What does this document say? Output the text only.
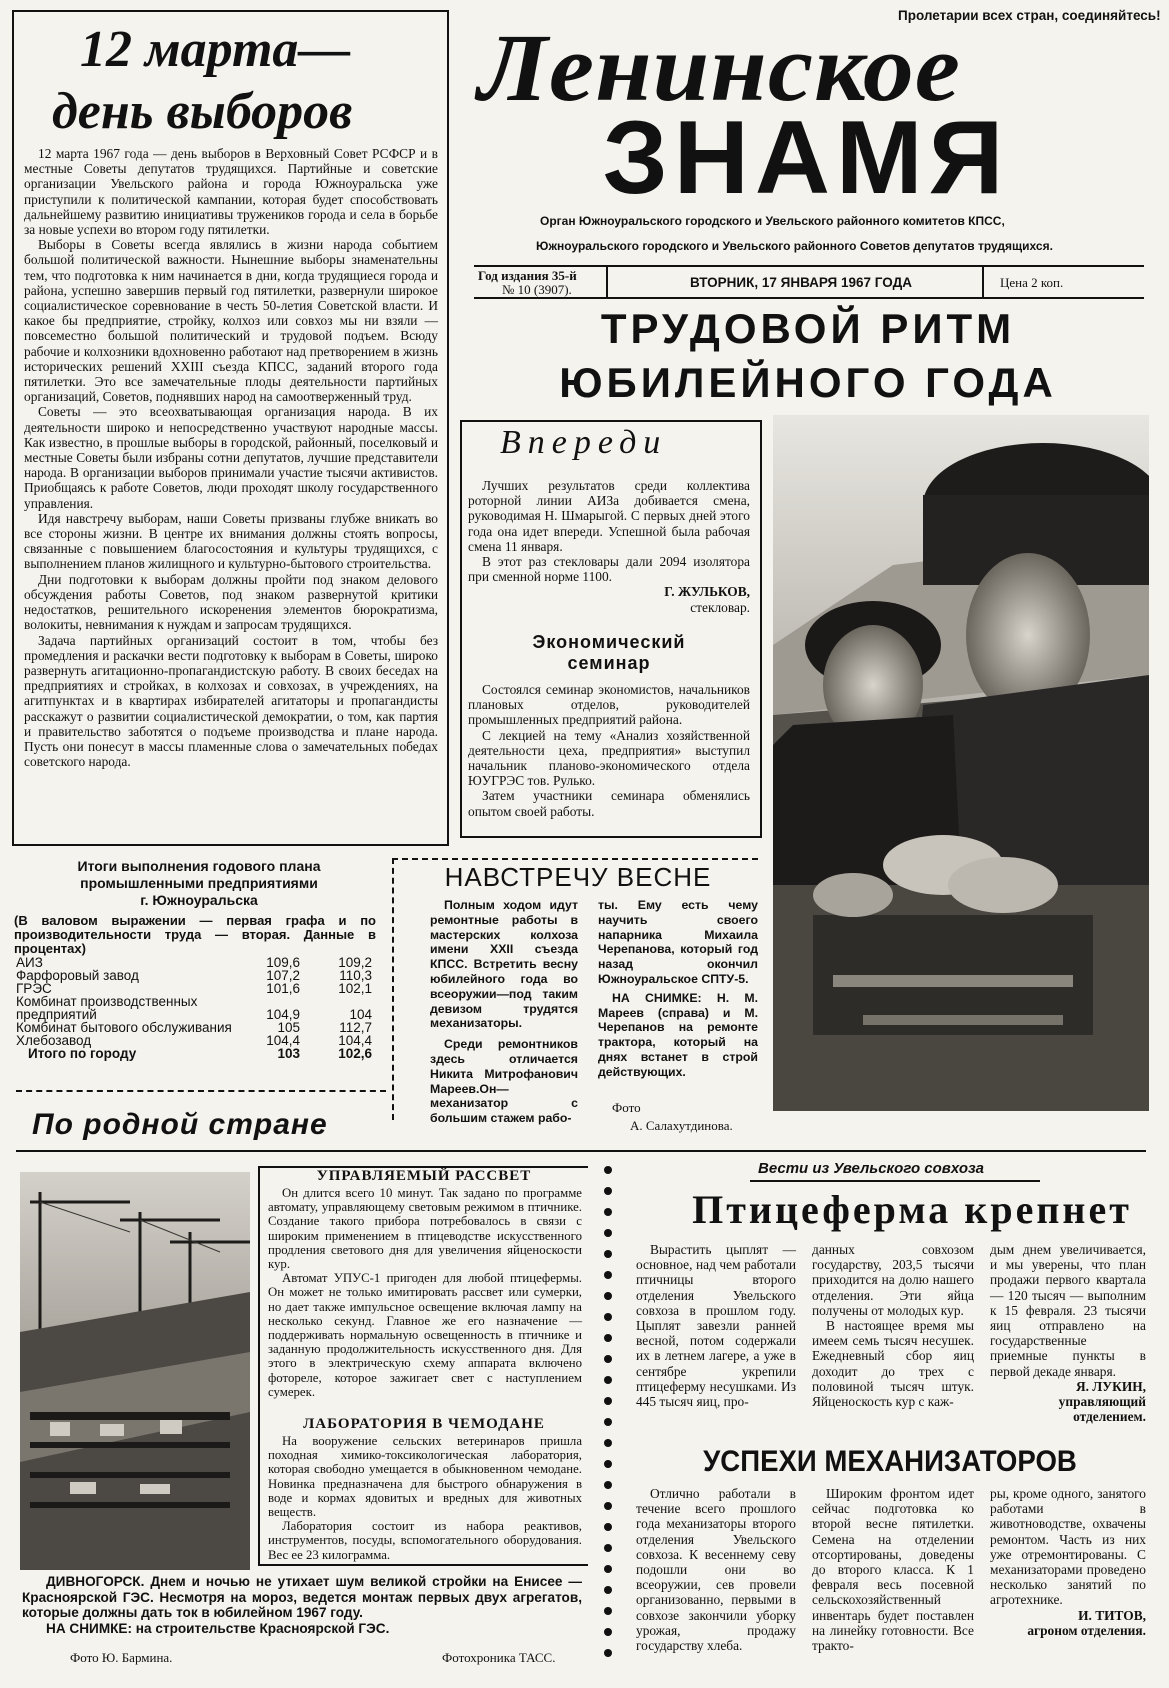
Пролетарии всех стран, соединяйтесь!
Ленинское
ЗНАМЯ
Орган Южноуральского городского и Увельского районного комитетов КПСС,
Южноуральского городского и Увельского районного Советов депутатов трудящихся.
Год издания 35-й
№ 10 (3907).	ВТОРНИК, 17 ЯНВАРЯ 1967 ГОДА	Цена 2 коп.
12 марта—
день выборов

12 марта 1967 года — день выборов в Верховный Совет РСФСР и в местные Советы депутатов трудящихся. Партийные и советские организации Увельского района и города Южноуральска уже приступили к политической кампании, которая будет способствовать дальнейшему развитию инициативы тружеников города и села в борьбе за новые успехи во втором году пятилетки.

Выборы в Советы всегда являлись в жизни народа событием большой политической важности. Нынешние выборы знаменательны тем, что подготовка к ним начинается в дни, когда трудящиеся города и района, успешно завершив первый год пятилетки, развернули широкое социалистическое соревнование в честь 50-летия Советской власти. И какое бы предприятие, стройку, колхоз или совхоз мы ни взяли — повсеместно большой политический и трудовой подъем. Всюду рабочие и колхозники вдохновенно работают над претворением в жизнь исторических решений XXIII съезда КПСС, заданий второго года пятилетки. Это все замечательные плоды деятельности партийных организаций, Советов, поднявших народ на самоотверженный труд.

Советы — это всеохватывающая организация народа. В их деятельности широко и непосредственно участвуют народные массы. Как известно, в прошлые выборы в городской, районный, поселковый и местные Советы были избраны сотни депутатов, лучшие представители народа. В организации выборов принимали участие тысячи активистов. Приобщаясь к работе Советов, люди проходят школу государственного управления.

Идя навстречу выборам, наши Советы призваны глубже вникать во все стороны жизни. В центре их внимания должны стоять вопросы, связанные с повышением благосостояния и культуры трудящихся, с выполнением планов жилищного и культурно-бытового строительства.

Дни подготовки к выборам должны пройти под знаком делового обсуждения работы Советов, под знаком развернутой критики недостатков, решительного искоренения элементов бюрократизма, волокиты, невнимания к нуждам и запросам трудящихся.

Задача партийных организаций состоит в том, чтобы без промедления и раскачки вести подготовку к выборам в Советы, широко развернуть агитационно-пропагандистскую работу. В своих беседах на предприятиях и стройках, в колхозах и совхозах, в учреждениях, на агитпунктах и в квартирах избирателей агитаторы и пропагандисты расскажут о развитии социалистической демократии, о том, как партия и правительство заботятся о подъеме производства и плане народа. Пусть они понесут в массы пламенные слова о замечательных победах советского народа.

ТРУДОВОЙ РИТМ
ЮБИЛЕЙНОГО ГОДА
Впереди

Лучших результатов среди коллектива роторной линии АИЗа добивается смена, руководимая Н. Шмарыгой. С первых дней этого года она идет впереди. Успешной была рабочая смена 11 января.

В этот раз стекловары дали 2094 изолятора при сменной норме 1100.

Г. ЖУЛЬКОВ,
стекловар.
Экономический
семинар

Состоялся семинар экономистов, начальников плановых отделов, руководителей промышленных предприятий района.

С лекцией на тему «Анализ хозяйственной деятельности цеха, предприятия» выступил начальник планово-экономического отдела ЮУГРЭС тов. Рулько.

Затем участники семинара обменялись опытом своей работы.

Итоги выполнения годового плана
промышленными предприятиями
г. Южноуральска
(В валовом выражении — первая графа и по производительности труда — вторая. Данные в процентах)
АИЗ	109,6	109,2
Фарфоровый завод	107,2	110,3
ГРЭС	101,6	102,1
Комбинат производственных предприятий	104,9	104
Комбинат бытового обслуживания	105	112,7
Хлебозавод	104,4	104,4
Итого по городу	103	102,6
НАВСТРЕЧУ ВЕСНЕ

Полным ходом идут ремонтные работы в мастерских колхоза имени XXII съезда КПСС. Встретить весну юбилейного года во всеоружии—под таким девизом трудятся механизаторы.

Среди ремонтников здесь отличается Никита Митрофанович Мареев.Он—механизатор с большим стажем рабо-

ты. Ему есть чему научить своего напарника Михаила Черепанова, который год назад окончил Южноуральское СПТУ-5.

НА СНИМКЕ: Н. М. Мареев (справа) и М. Черепанов на ремонте трактора, который на днях встанет в строй действующих.

Фото
А. Салахутдинова.
По родной стране
ДИВНОГОРСК. Днем и ночью не утихает шум великой стройки на Енисее — Красноярской ГЭС. Несмотря на мороз, ведется монтаж первых двух агрегатов, которые должны дать ток в юбилейном 1967 году.
НА СНИМКЕ: на строительстве Красноярской ГЭС.
Фото Ю. Бармина.	Фотохроника ТАСС.
УПРАВЛЯЕМЫЙ РАССВЕТ

Он длится всего 10 минут. Так задано по программе автомату, управляющему световым режимом в птичнике. Создание такого прибора потребовалось в связи с широким применением в птицеводстве искусственного продления светового дня для увеличения яйценоскости кур.

Автомат УПУС-1 пригоден для любой птицефермы. Он может не только имитировать рассвет или сумерки, но дает также импульсное освещение включая лампу на несколько секунд. Главное же его назначение — поддерживать нормальную освещенность в птичнике и заданную продолжительность искусственного дня. Для этого в электрическую схему аппарата включено фотореле, которое зажигает свет с наступлением сумерек.

ЛАБОРАТОРИЯ В ЧЕМОДАНЕ

На вооружение сельских ветеринаров пришла походная химико-токсикологическая лаборатория, которая свободно умещается в обыкновенном чемодане. Новинка предназначена для быстрого обнаружения в воде и кормах ядовитых и вредных для животных веществ.

Лаборатория состоит из набора реактивов, инструментов, посуды, вспомогательного оборудования. Вес ее 23 килограмма.

Вести из Увельского совхоза
Птицеферма крепнет

Вырастить цыплят — основное, над чем работали птичницы второго отделения Увельского совхоза в прошлом году. Цыплят завезли ранней весной, потом содержали их в летнем лагере, а уже в сентябре укрепили птицеферму несушками. Из 445 тысяч яиц, про-

данных совхозом государству, 203,5 тысячи приходится на долю нашего отделения. Эти яйца получены от молодых кур.

В настоящее время мы имеем семь тысяч несушек. Ежедневный сбор яиц доходит до трех с половиной тысяч штук. Яйценоскость кур с каж-

дым днем увеличивается, и мы уверены, что план продажи первого квартала — 120 тысяч — выполним к 15 февраля. 23 тысячи яиц отправлено на государственные приемные пункты в первой декаде января.

Я. ЛУКИН,
управляющий отделением.
УСПЕХИ МЕХАНИЗАТОРОВ

Отлично работали в течение всего прошлого года механизаторы второго отделения Увельского совхоза. К весеннему севу подошли они во всеоружии, сев провели организованно, первыми в совхозе закончили уборку урожая, продажу государству хлеба.

Широким фронтом идет сейчас подготовка ко второй весне пятилетки. Семена на отделении отсортированы, доведены до второго класса. К 1 февраля весь посевной сельскохозяйственный инвентарь будет поставлен на линейку готовности. Все тракто-

ры, кроме одного, занятого работами в животноводстве, охвачены ремонтом. Часть из них уже отремонтированы. С механизаторами проведено несколько занятий по агротехнике.

И. ТИТОВ,
агроном отделения.
